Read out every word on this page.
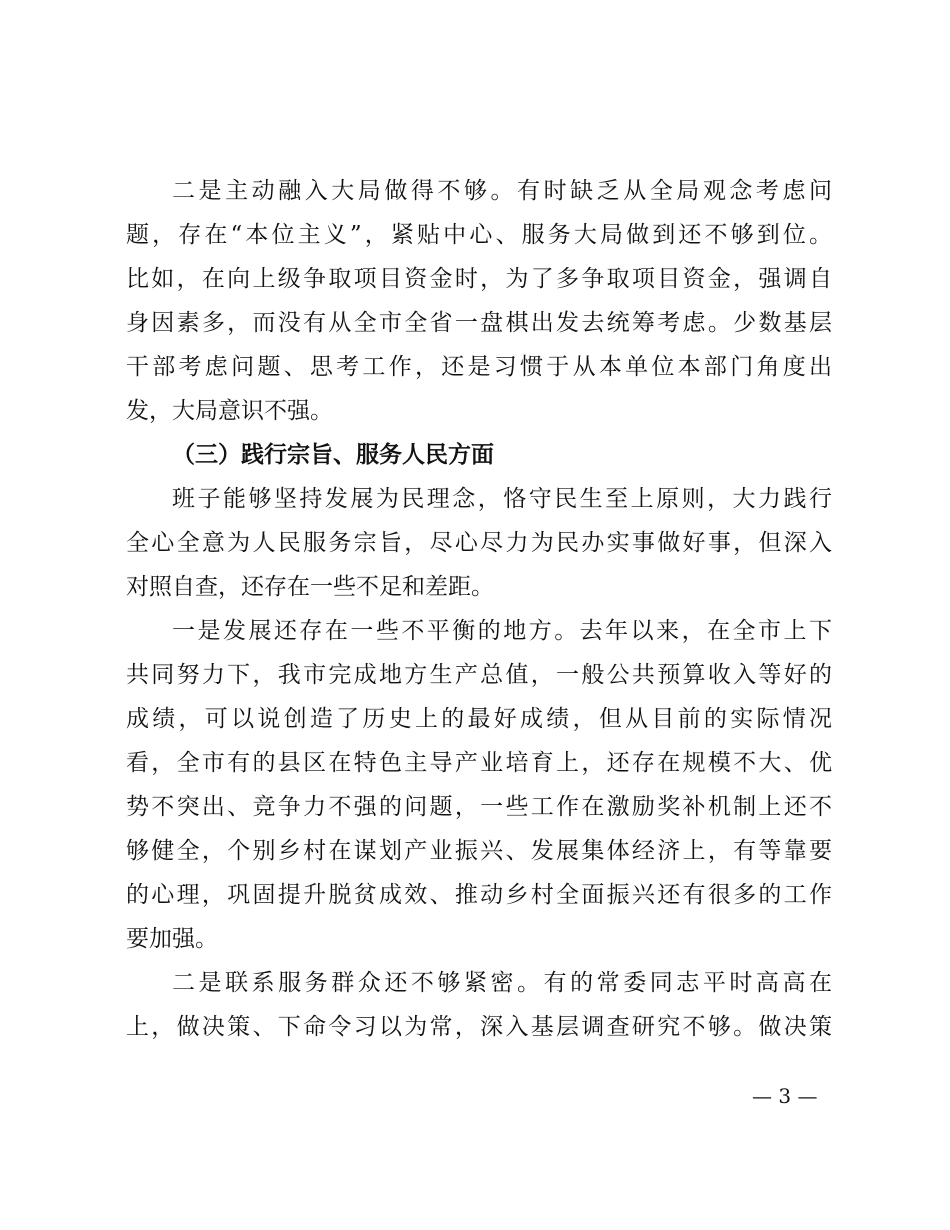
二是主动融入大局做得不够。有时缺乏从全局观念考虑问
题，存在“本位主义”，紧贴中心、服务大局做到还不够到位。
比如，在向上级争取项目资金时，为了多争取项目资金，强调自
身因素多，而没有从全市全省一盘棋出发去统筹考虑。少数基层
干部考虑问题、思考工作，还是习惯于从本单位本部门角度出
发，大局意识不强。
（三）践行宗旨、服务人民方面
班子能够坚持发展为民理念，恪守民生至上原则，大力践行
全心全意为人民服务宗旨，尽心尽力为民办实事做好事，但深入
对照自查，还存在一些不足和差距。
一是发展还存在一些不平衡的地方。去年以来，在全市上下
共同努力下，我市完成地方生产总值，一般公共预算收入等好的
成绩，可以说创造了历史上的最好成绩，但从目前的实际情况
看，全市有的县区在特色主导产业培育上，还存在规模不大、优
势不突出、竞争力不强的问题，一些工作在激励奖补机制上还不
够健全，个别乡村在谋划产业振兴、发展集体经济上，有等靠要
的心理，巩固提升脱贫成效、推动乡村全面振兴还有很多的工作
要加强。
二是联系服务群众还不够紧密。有的常委同志平时高高在
上，做决策、下命令习以为常，深入基层调查研究不够。做决策
— 3 —
